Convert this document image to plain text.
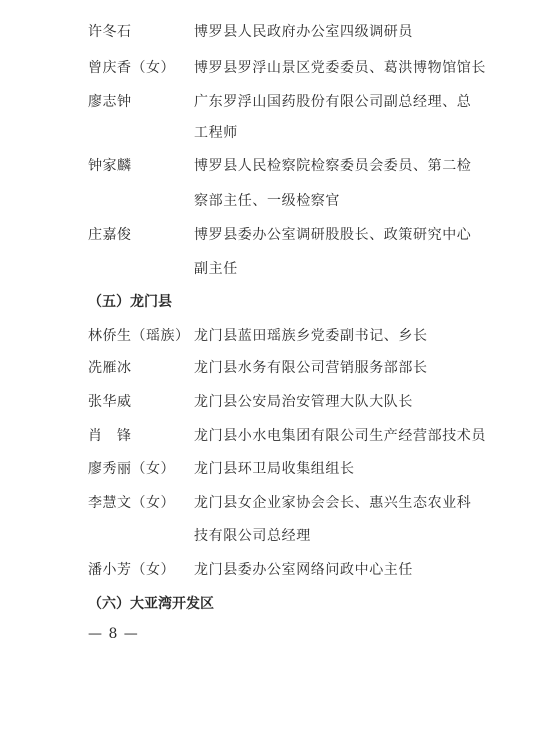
许冬石	博罗县人民政府办公室四级调研员
曾庆香（女） 博罗县罗浮山景区党委委员、葛洪博物馆馆长
廖志钟	广东罗浮山国药股份有限公司副总经理、总
工程师
钟家麟	博罗县人民检察院检察委员会委员、第二检
察部主任、一级检察官
庄嘉俊	博罗县委办公室调研股股长、政策研究中心
副主任
（五）龙门县
林侨生（瑶族） 龙门县蓝田瑶族乡党委副书记、乡长
冼雁冰	龙门县水务有限公司营销服务部部长
张华威	龙门县公安局治安管理大队大队长
肖　锋	龙门县小水电集团有限公司生产经营部技术员
廖秀丽（女） 龙门县环卫局收集组组长
李慧文（女） 龙门县女企业家协会会长、惠兴生态农业科
技有限公司总经理
潘小芳（女） 龙门县委办公室网络问政中心主任
（六）大亚湾开发区
— 8 —
